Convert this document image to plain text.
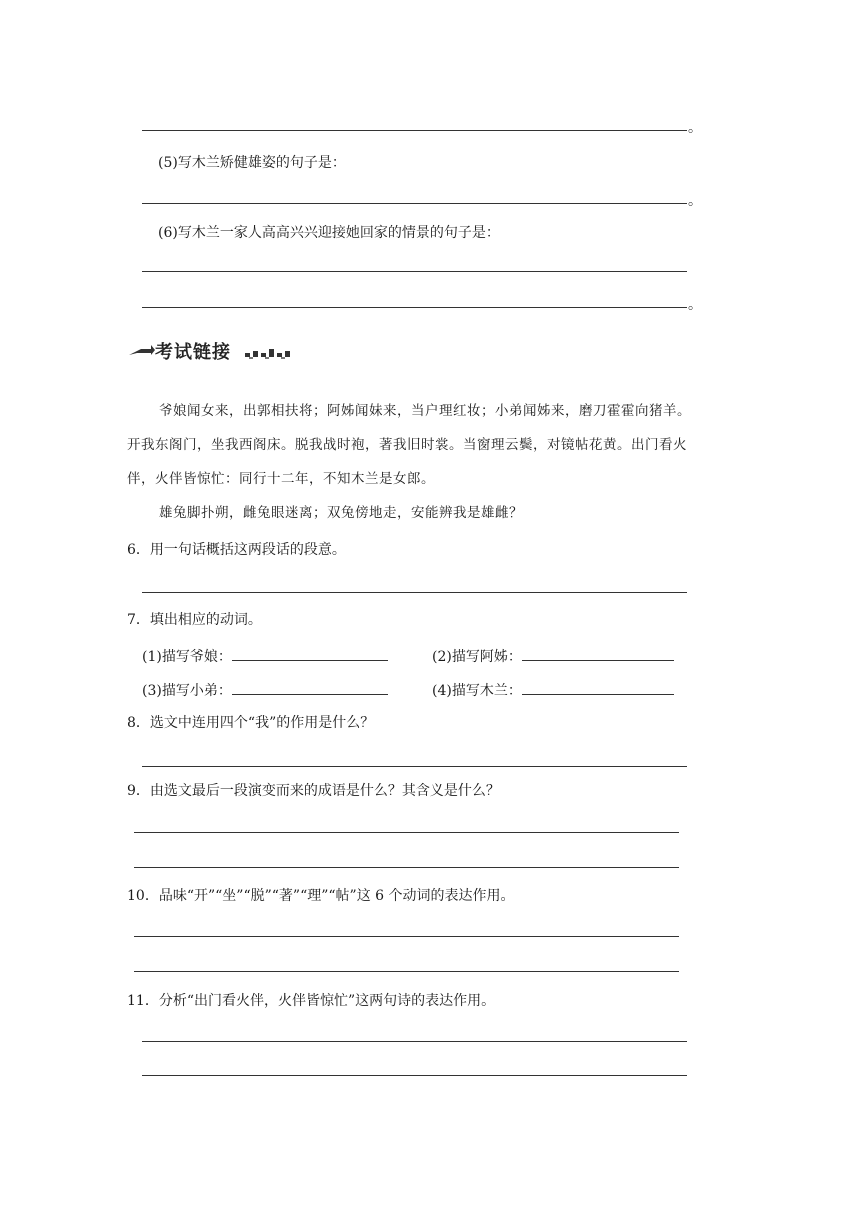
。
(5)写木兰矫健雄姿的句子是：
。
(6)写木兰一家人高高兴兴迎接她回家的情景的句子是：
。
考试链接
爷娘闻女来，出郭相扶将；阿姊闻妹来，当户理红妆；小弟闻姊来，磨刀霍霍向猪羊。
开我东阁门，坐我西阁床。脱我战时袍，著我旧时裳。当窗理云鬓，对镜帖花黄。出门看火
伴，火伴皆惊忙：同行十二年，不知木兰是女郎。
雄兔脚扑朔，雌兔眼迷离；双兔傍地走，安能辨我是雄雌？
6．用一句话概括这两段话的段意。
7．填出相应的动词。
(1)描写爷娘：	(2)描写阿姊：
(3)描写小弟：	(4)描写木兰：
8．选文中连用四个“我”的作用是什么？
9．由选文最后一段演变而来的成语是什么？其含义是什么？
10．品味“开”“坐”“脱”“著”“理”“帖”这 6 个动词的表达作用。
11．分析“出门看火伴，火伴皆惊忙”这两句诗的表达作用。
